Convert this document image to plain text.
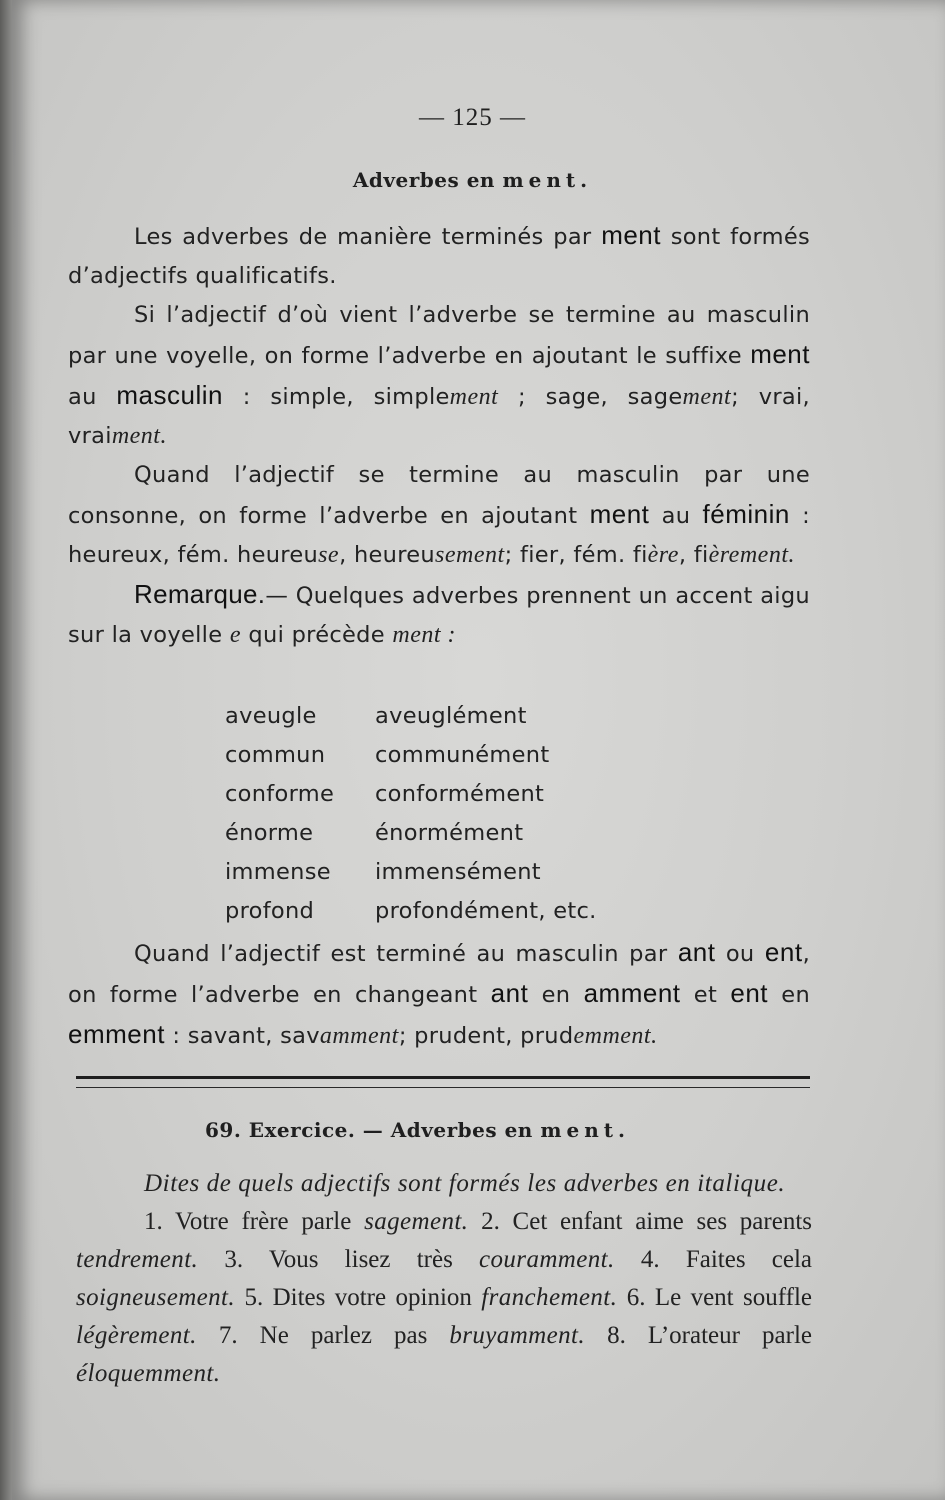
— 125 —
Adverbes en ment.

Les adverbes de manière terminés par ment sont formés d’adjectifs qualificatifs.

Si l’adjectif d’où vient l’adverbe se termine au masculin par une voyelle, on forme l’adverbe en ajoutant le suffixe ment au masculin : simple, simplement ; sage, sagement; vrai, vraiment.

Quand l’adjectif se termine au masculin par une consonne, on forme l’adverbe en ajoutant ment au féminin : heureux, fém. heureuse, heureusement; fier, fém. fière, fièrement.

Remarque.— Quelques adverbes prennent un accent aigu sur la voyelle e qui précède ment :

aveugle	aveuglément
commun	communément
conforme	conformément
énorme	énormément
immense	immensément
profond	profondément, etc.

Quand l’adjectif est terminé au masculin par ant ou ent, on forme l’adverbe en changeant ant en amment et ent en emment : savant, savamment; prudent, prudemment.

69. Exercice. — Adverbes en ment.

Dites de quels adjectifs sont formés les adverbes en italique.

1. Votre frère parle sagement. 2. Cet enfant aime ses parents tendrement. 3. Vous lisez très couramment. 4. Faites cela soigneusement. 5. Dites votre opinion franchement. 6. Le vent souffle légèrement. 7. Ne parlez pas bruyamment. 8. L’orateur parle éloquemment.
